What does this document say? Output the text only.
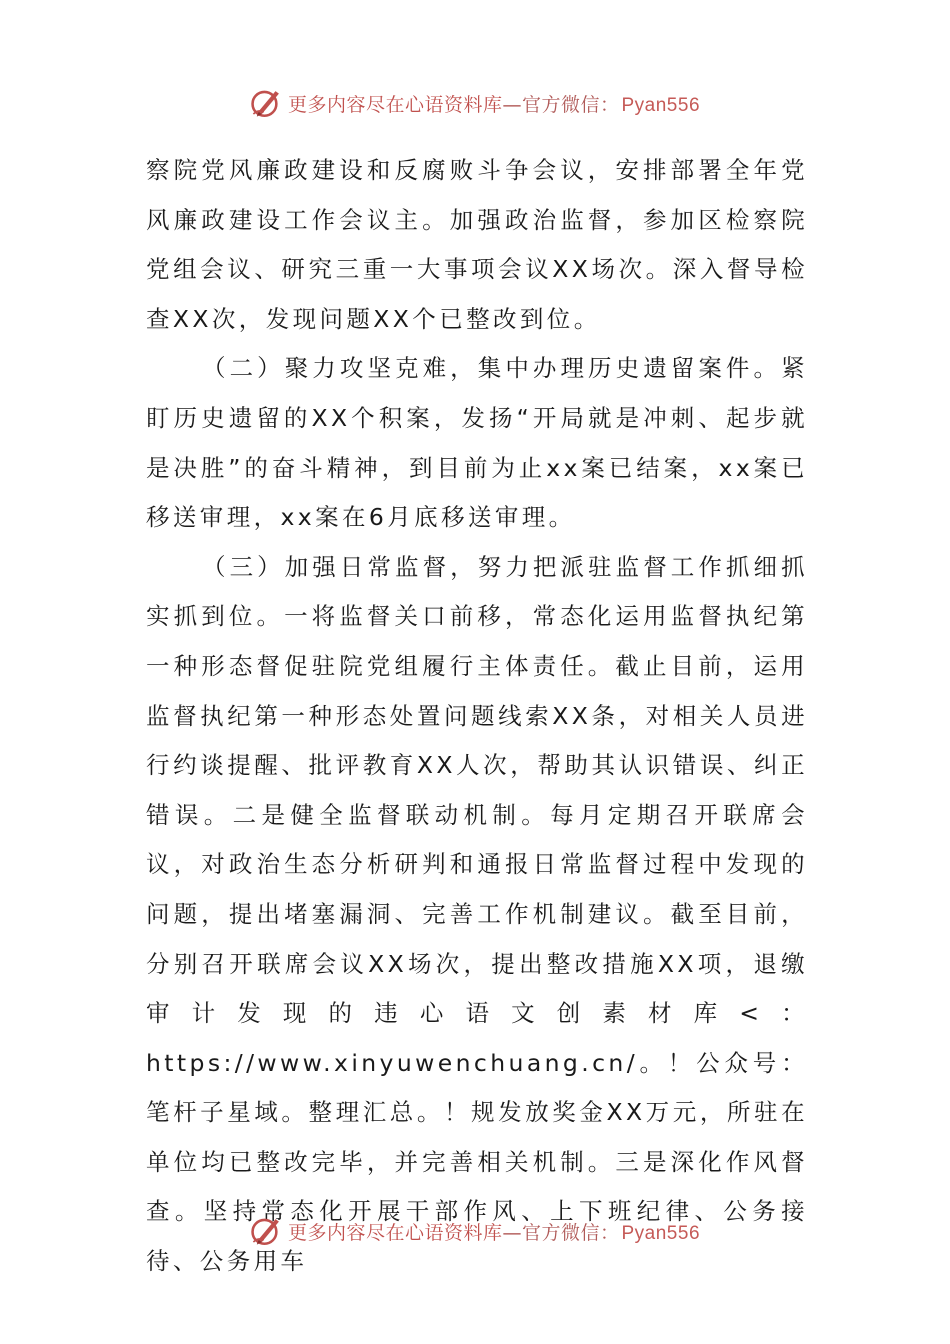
更多内容尽在心语资料库—官方微信： Pyan556

察院党风廉政建设和反腐败斗争会议，安排部署全年党风廉政建设工作会议主。加强政治监督，参加区检察院党组会议、研究三重一大事项会议XX场次。深入督导检查XX次，发现问题XX个已整改到位。

（二）聚力攻坚克难，集中办理历史遗留案件。紧盯历史遗留的XX个积案，发扬“开局就是冲刺、起步就是决胜”的奋斗精神，到目前为止xx案已结案，xx案已移送审理，xx案在6月底移送审理。

（三）加强日常监督，努力把派驻监督工作抓细抓实抓到位。一将监督关口前移，常态化运用监督执纪第一种形态督促驻院党组履行主体责任。截止目前，运用监督执纪第一种形态处置问题线索XX条，对相关人员进行约谈提醒、批评教育XX人次，帮助其认识错误、纠正错误。二是健全监督联动机制。每月定期召开联席会议，对政治生态分析研判和通报日常监督过程中发现的问题，提出堵塞漏洞、完善工作机制建议。截至目前，分别召开联席会议XX场次，提出整改措施XX项，退缴审计发现的违心语文创素材库<：https://www.xinyuwenchuang.cn/。！公众号：笔杆子星域。整理汇总。！规发放奖金XX万元，所驻在单位均已整改完毕，并完善相关机制。三是深化作风督查。坚持常态化开展干部作风、上下班纪律、公务接待、公务用车

更多内容尽在心语资料库—官方微信： Pyan556
